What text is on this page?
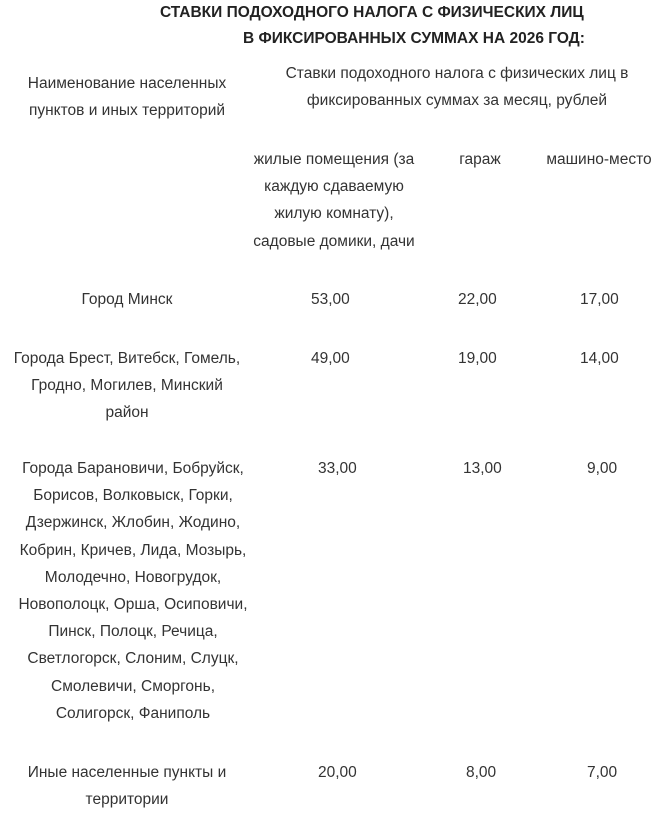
СТАВКИ ПОДОХОДНОГО НАЛОГА С ФИЗИЧЕСКИХ ЛИЦ
В ФИКСИРОВАННЫХ СУММАХ НА 2026 ГОД:
Наименование населенных
пунктов и иных территорий
Ставки подоходного налога с физических лиц в
фиксированных суммах за месяц, рублей
жилые помещения (за
каждую сдаваемую
жилую комнату),
садовые домики, дачи
гараж	машино-место
Город Минск	53,00	22,00	17,00
Города Брест, Витебск, Гомель,
Гродно, Могилев, Минский
район
49,00	19,00	14,00
Города Барановичи, Бобруйск,
Борисов, Волковыск, Горки,
Дзержинск, Жлобин, Жодино,
Кобрин, Кричев, Лида, Мозырь,
Молодечно, Новогрудок,
Новополоцк, Орша, Осиповичи,
Пинск, Полоцк, Речица,
Светлогорск, Слоним, Слуцк,
Смолевичи, Сморгонь,
Солигорск, Фаниполь
33,00	13,00	9,00
Иные населенные пункты и
территории
20,00	8,00	7,00
